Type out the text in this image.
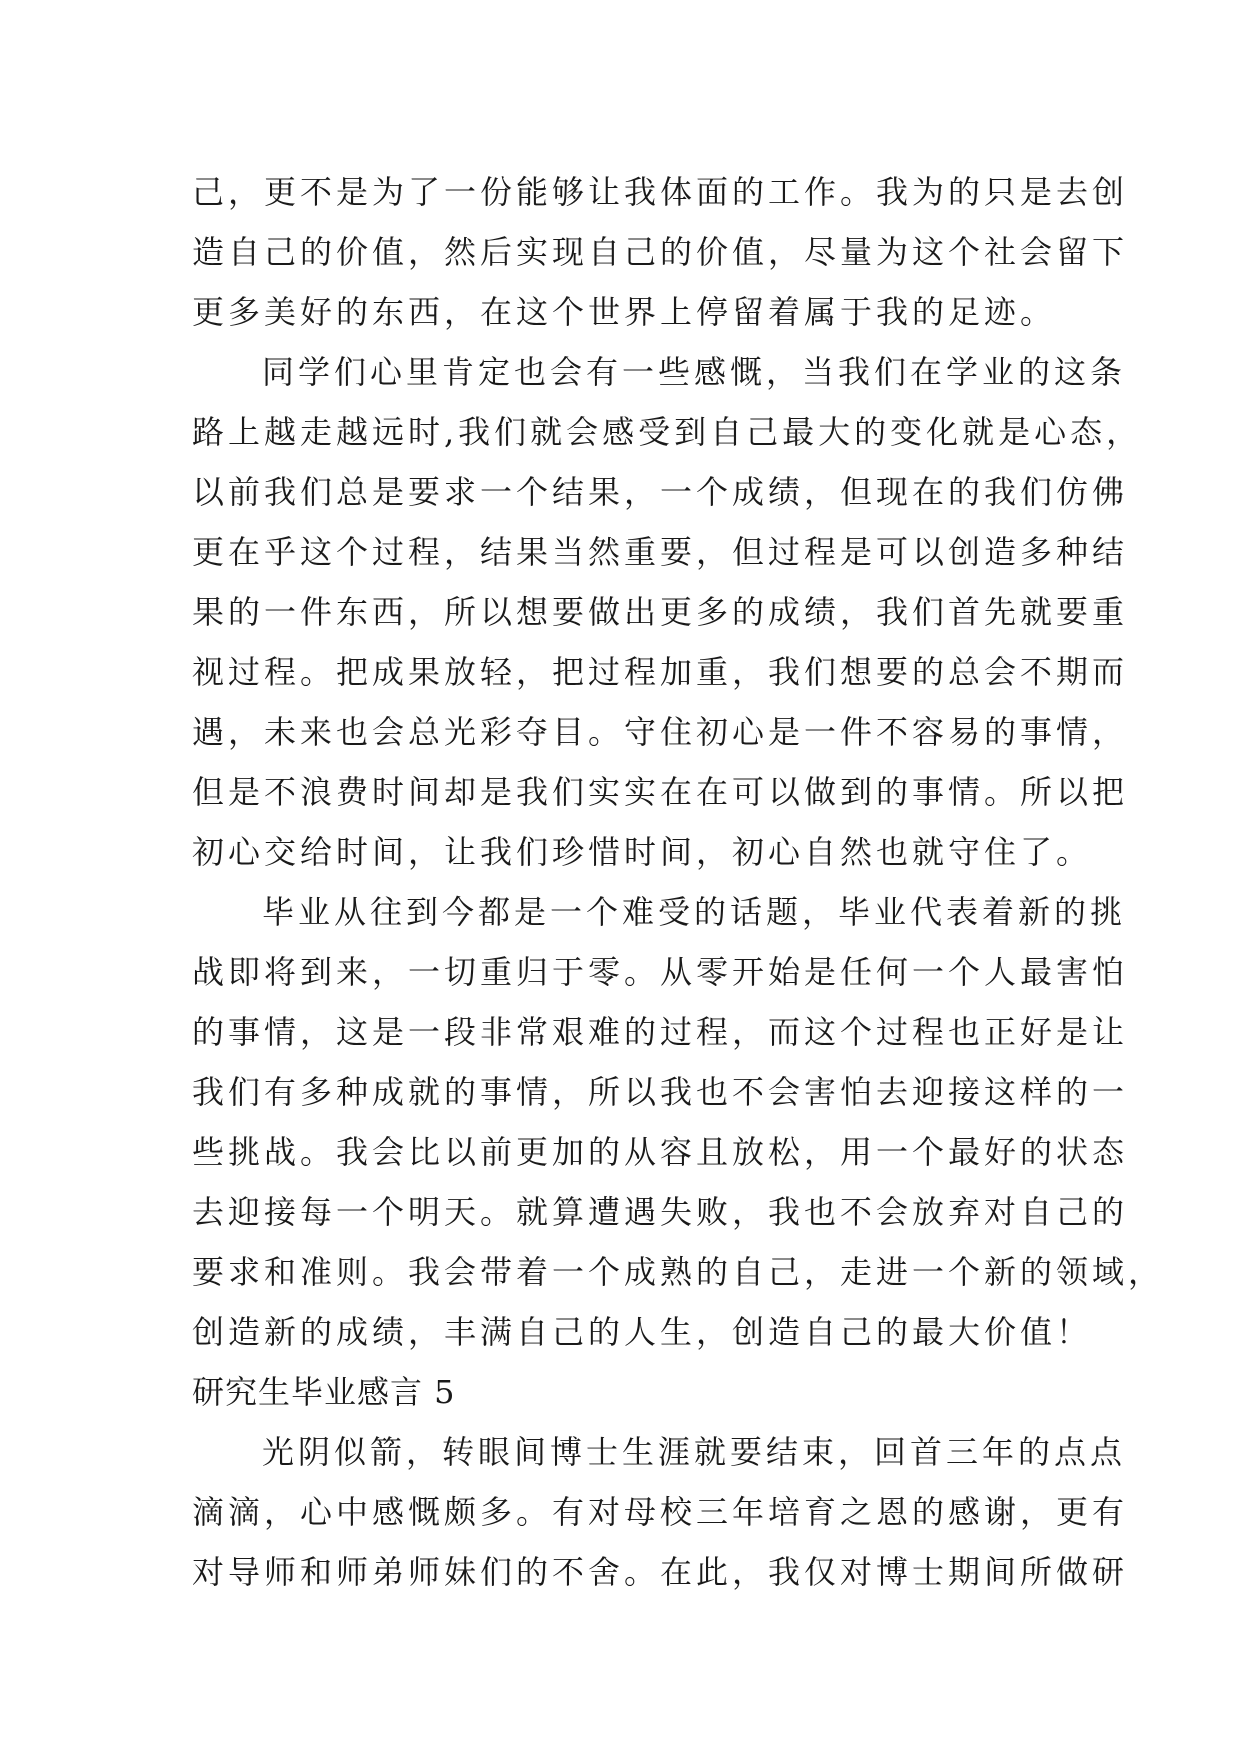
己，更不是为了一份能够让我体面的工作。我为的只是去创
造自己的价值，然后实现自己的价值，尽量为这个社会留下
更多美好的东西，在这个世界上停留着属于我的足迹。
同学们心里肯定也会有一些感慨，当我们在学业的这条
路上越走越远时,我们就会感受到自己最大的变化就是心态，
以前我们总是要求一个结果，一个成绩，但现在的我们仿佛
更在乎这个过程，结果当然重要，但过程是可以创造多种结
果的一件东西，所以想要做出更多的成绩，我们首先就要重
视过程。把成果放轻，把过程加重，我们想要的总会不期而
遇，未来也会总光彩夺目。守住初心是一件不容易的事情，
但是不浪费时间却是我们实实在在可以做到的事情。所以把
初心交给时间，让我们珍惜时间，初心自然也就守住了。
毕业从往到今都是一个难受的话题，毕业代表着新的挑
战即将到来，一切重归于零。从零开始是任何一个人最害怕
的事情，这是一段非常艰难的过程，而这个过程也正好是让
我们有多种成就的事情，所以我也不会害怕去迎接这样的一
些挑战。我会比以前更加的从容且放松，用一个最好的状态
去迎接每一个明天。就算遭遇失败，我也不会放弃对自己的
要求和准则。我会带着一个成熟的自己，走进一个新的领域，
创造新的成绩，丰满自己的人生，创造自己的最大价值！
研究生毕业感言 5
光阴似箭，转眼间博士生涯就要结束，回首三年的点点
滴滴，心中感慨颇多。有对母校三年培育之恩的感谢，更有
对导师和师弟师妹们的不舍。在此，我仅对博士期间所做研
